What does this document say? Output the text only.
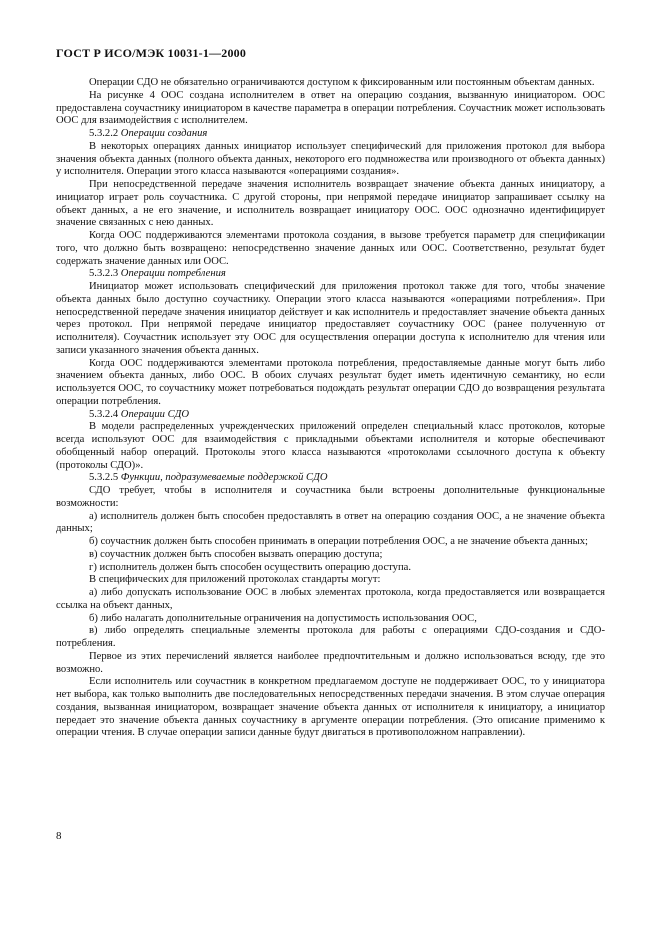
ГОСТ Р ИСО/МЭК 10031-1—2000

Операции СДО не обязательно ограничиваются доступом к фиксированным или постоянным объектам данных.

На рисунке 4 ООС создана исполнителем в ответ на операцию создания, вызванную инициатором. ООС предоставлена соучастнику инициатором в качестве параметра в операции потребления. Соучастник может использовать ООС для взаимодействия с исполнителем.

5.3.2.2 Операции создания

В некоторых операциях данных инициатор использует специфический для приложения протокол для выбора значения объекта данных (полного объекта данных, некоторого его подмножества или производного от объекта данных) у исполнителя. Операции этого класса называются «операциями создания».

При непосредственной передаче значения исполнитель возвращает значение объекта данных инициатору, а инициатор играет роль соучастника. С другой стороны, при непрямой передаче инициатор запрашивает ссылку на объект данных, а не его значение, и исполнитель возвращает инициатору ООС. ООС однозначно идентифицирует значение связанных с нею данных.

Когда ООС поддерживаются элементами протокола создания, в вызове требуется параметр для спецификации того, что должно быть возвращено: непосредственно значение данных или ООС. Соответственно, результат будет содержать значение данных или ООС.

5.3.2.3 Операции потребления

Инициатор может использовать специфический для приложения протокол также для того, чтобы значение объекта данных было доступно соучастнику. Операции этого класса называются «операциями потребления». При непосредственной передаче значения инициатор действует и как исполнитель и предоставляет значение объекта данных через протокол. При непрямой передаче инициатор предоставляет соучастнику ООС (ранее полученную от исполнителя). Соучастник использует эту ООС для осуществления операции доступа к исполнителю для чтения или записи указанного значения объекта данных.

Когда ООС поддерживаются элементами протокола потребления, предоставляемые данные могут быть либо значением объекта данных, либо ООС. В обоих случаях результат будет иметь идентичную семантику, но если используется ООС, то соучастнику может потребоваться подождать результат операции СДО до возвращения результата операции потребления.

5.3.2.4 Операции СДО

В модели распределенных учрежденческих приложений определен специальный класс протоколов, которые всегда используют ООС для взаимодействия с прикладными объектами исполнителя и которые обеспечивают обобщенный набор операций. Протоколы этого класса называются «протоколами ссылочного доступа к объекту (протоколы СДО)».

5.3.2.5 Функции, подразумеваемые поддержкой СДО

СДО требует, чтобы в исполнителя и соучастника были встроены дополнительные функциональные возможности:

а) исполнитель должен быть способен предоставлять в ответ на операцию создания ООС, а не значение объекта данных;

б) соучастник должен быть способен принимать в операции потребления ООС, а не значение объекта данных;

в) соучастник должен быть способен вызвать операцию доступа;

г) исполнитель должен быть способен осуществить операцию доступа.

В специфических для приложений протоколах стандарты могут:

а) либо допускать использование ООС в любых элементах протокола, когда предоставляется или возвращается ссылка на объект данных,

б) либо налагать дополнительные ограничения на допустимость использования ООС,

в) либо определять специальные элементы протокола для работы с операциями СДО-создания и СДО-потребления.

Первое из этих перечислений является наиболее предпочтительным и должно использоваться всюду, где это возможно.

Если исполнитель или соучастник в конкретном предлагаемом доступе не поддерживает ООС, то у инициатора нет выбора, как только выполнить две последовательных непосредственных передачи значения. В этом случае операция создания, вызванная инициатором, возвращает значение объекта данных от исполнителя к инициатору, а инициатор передает это значение объекта данных соучастнику в аргументе операции потребления. (Это описание применимо к операции чтения. В случае операции записи данные будут двигаться в противоположном направлении).

8
